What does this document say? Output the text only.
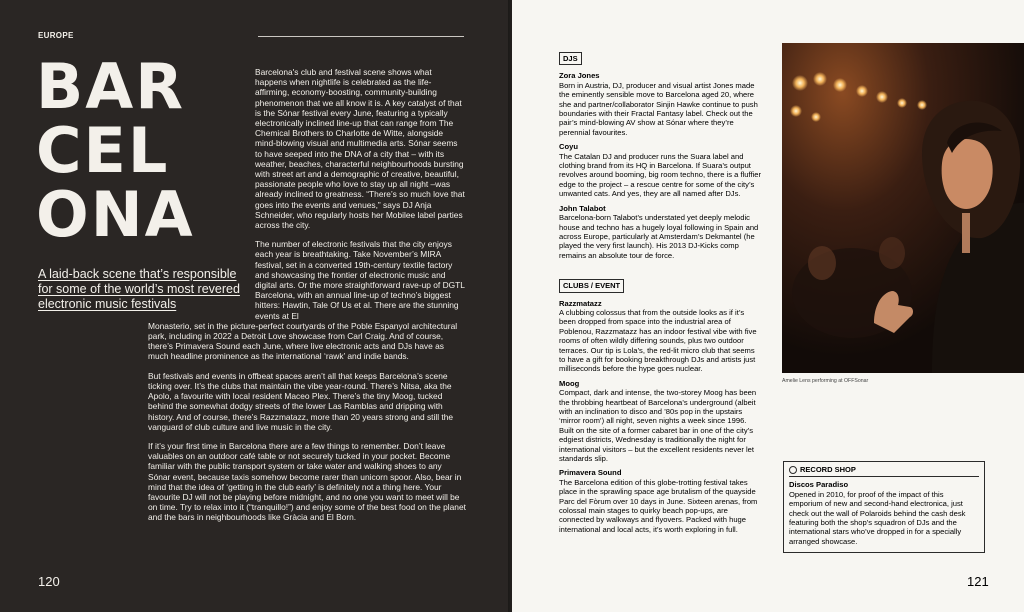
EUROPE
BAR
CEL
ONA

A laid-back scene that’s responsible for some of the world’s most revered electronic music festivals

Barcelona's club and festival scene shows what happens when nightlife is celebrated as the life-affirming, economy-boosting, community-building phenomenon that we all know it is. A key catalyst of that is the Sónar festival every June, featuring a typically electronically inclined line-up that can range from The Chemical Brothers to Charlotte de Witte, alongside mind-blowing visual and multimedia arts. Sónar seems to have seeped into the DNA of a city that – with its weather, beaches, characterful neighbourhoods bursting with street art and a demographic of creative, beautiful, passionate people who love to stay up all night –was already inclined to greatness. “There’s so much love that goes into the events and venues,” says DJ Anja Schneider, who regularly hosts her Mobilee label parties across the city.

The number of electronic festivals that the city enjoys each year is breathtaking. Take November’s MIRA festival, set in a converted 19th-century textile factory and showcasing the frontier of electronic music and digital arts. Or the more straightforward rave-up of DGTL Barcelona, with an annual line-up of techno’s biggest hitters: Hawtin, Tale Of Us et al. There are the stunning events at El

Monasterio, set in the picture-perfect courtyards of the Poble Espanyol architectural park, including in 2022 a Detroit Love showcase from Carl Craig. And of course, there’s Primavera Sound each June, where live electronic acts and DJs have as much headline prominence as the international ‘rawk’ and indie bands.

But festivals and events in offbeat spaces aren’t all that keeps Barcelona’s scene ticking over. It’s the clubs that maintain the vibe year-round. There’s Nitsa, aka the Apolo, a favourite with local resident Maceo Plex. There’s the tiny Moog, tucked behind the somewhat dodgy streets of the lower Las Ramblas and dripping with history. And of course, there’s Razzmatazz, more than 20 years strong and still the vanguard of club culture and live music in the city.

If it’s your first time in Barcelona there are a few things to remember. Don’t leave valuables on an outdoor café table or not securely tucked in your pocket. Become familiar with the public transport system or take water and walking shoes to any Sónar event, because taxis somehow become rarer than unicorn spoor. Also, bear in mind that the idea of ‘getting in the club early’ is definitely not a thing here. Your favourite DJ will not be playing before midnight, and no one you want to meet will be on time. Try to relax into it (“tranquillo!”) and enjoy some of the best food on the planet and the bars in neighbourhoods like Gràcia and El Born.

120
DJS
Zora Jones

Born in Austria, DJ, producer and visual artist Jones made the eminently sensible move to Barcelona aged 20, where she and partner/collaborator Sinjin Hawke continue to push boundaries with their Fractal Fantasy label. Check out the pair’s mind-blowing AV show at Sónar where they’re perennial favourites.

Coyu

The Catalan DJ and producer runs the Suara label and clothing brand from its HQ in Barcelona. If Suara’s output revolves around booming, big room techno, there is a fluffier edge to the project – a rescue centre for some of the city’s unwanted cats. And yes, they are all named after DJs.

John Talabot

Barcelona-born Talabot’s understated yet deeply melodic house and techno has a hugely loyal following in Spain and across Europe, particularly at Amsterdam’s Dekmantel (he played the very first launch). His 2013 DJ-Kicks comp remains an absolute tour de force.

CLUBS / EVENT
Razzmatazz

A clubbing colossus that from the outside looks as if it’s been dropped from space into the industrial area of Poblenou, Razzmatazz has an indoor festival vibe with five rooms of often wildly differing sounds, plus two outdoor terraces. Our tip is Lola’s, the red-lit micro club that seems to have a gift for booking breakthrough DJs and artists just milliseconds before the hype goes nuclear.

Moog

Compact, dark and intense, the two-storey Moog has been the throbbing heartbeat of Barcelona’s underground (albeit with an inclination to disco and ’80s pop in the upstairs ‘mirror room’) all night, seven nights a week since 1996. Built on the site of a former cabaret bar in one of the city’s edgiest districts, Wednesday is traditionally the night for international visitors – but the excellent residents never let standards slip.

Primavera Sound

The Barcelona edition of this globe-trotting festival takes place in the sprawling space age brutalism of the quayside Parc del Fòrum over 10 days in June. Sixteen arenas, from colossal main stages to quirky beach pop-ups, are connected by walkways and flyovers. Packed with huge international and local acts, it’s worth exploring in full.

Amelie Lens performing at OFFSonar
RECORD SHOP
Discos Paradiso
Opened in 2010, for proof of the impact of this emporium of new and second-hand electronica, just check out the wall of Polaroids behind the cash desk featuring both the shop’s squadron of DJs and the international stars who’ve dropped in for a specially arranged showcase.
121
